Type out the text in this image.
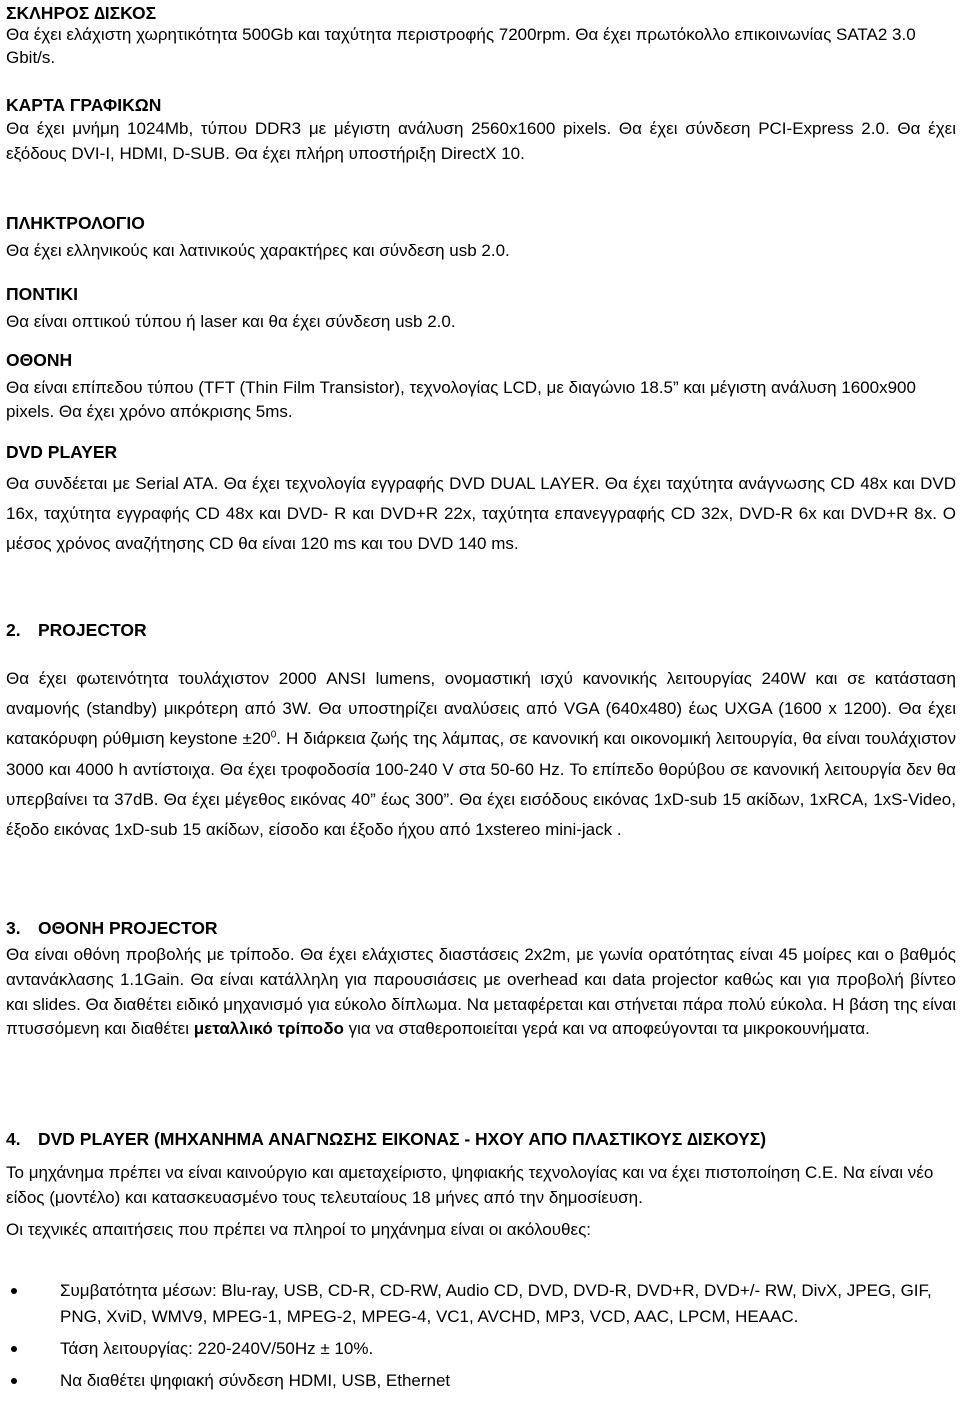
ΣΚΛΗΡΟΣ ∆ΙΣΚΟΣ
Θα έχει ελάχιστη χωρητικότητα 500Gb και ταχύτητα περιστροφής 7200rpm. Θα έχει πρωτόκολλο επικοινωνίας SATA2 3.0 Gbit/s.
ΚΑΡΤΑ ΓΡΑΦΙΚΩΝ
Θα έχει μνήμη 1024Mb, τύπου DDR3 με μέγιστη ανάλυση 2560x1600 pixels. Θα έχει σύνδεση PCI-Express 2.0. Θα έχει εξόδους DVI-I, HDMI, D-SUB. Θα έχει πλήρη υποστήριξη DirectX 10.
ΠΛΗΚΤΡΟΛΟΓΙΟ
Θα έχει ελληνικούς και λατινικούς χαρακτήρες και σύνδεση usb 2.0.
ΠΟΝΤΙΚΙ
Θα είναι οπτικού τύπου ή laser και θα έχει σύνδεση usb 2.0.
ΟΘΟΝΗ
Θα είναι επίπεδου τύπου (TFT (Thin Film Transistor), τεχνολογίας LCD, με διαγώνιο 18.5” και μέγιστη ανάλυση 1600x900 pixels. Θα έχει χρόνο απόκρισης 5ms.
DVD PLAYER
Θα συνδέεται με Serial ATA. Θα έχει τεχνολογία εγγραφής DVD DUAL LAYER. Θα έχει ταχύτητα ανάγνωσης CD 48x και DVD 16x, ταχύτητα εγγραφής CD 48x και DVD- R και DVD+R 22x, ταχύτητα επανεγγραφής CD 32x, DVD-R 6x και DVD+R 8x. Ο μέσος χρόνος αναζήτησης CD θα είναι 120 ms και του DVD 140 ms.
2. PROJECTOR
Θα έχει φωτεινότητα τουλάχιστον 2000 ANSI lumens, ονομαστική ισχύ κανονικής λειτουργίας 240W και σε κατάσταση αναμονής (standby) μικρότερη από 3W. Θα υποστηρίζει αναλύσεις από VGA (640x480) έως UXGA (1600 x 1200). Θα έχει κατακόρυφη ρύθμιση keystone $\pm 20^0$. Η διάρκεια ζωής της λάμπας, σε κανονική και οικονομική λειτουργία, θα είναι τουλάχιστον 3000 και 4000 h αντίστοιχα. Θα έχει τροφοδοσία 100-240 V στα 50-60 Hz. Το επίπεδο θορύβου σε κανονική λειτουργία δεν θα υπερβαίνει τα 37dB. Θα έχει μέγεθος εικόνας 40” έως 300”. Θα έχει εισόδους εικόνας 1xD-sub 15 ακίδων, 1xRCA, 1xS-Video, έξοδο εικόνας 1xD-sub 15 ακίδων, είσοδο και έξοδο ήχου από 1xstereo mini-jack .
3. ΟΘΟΝΗ PROJECTOR
Θα είναι οθόνη προβολής με τρίποδο. Θα έχει ελάχιστες διαστάσεις 2x2m, με γωνία ορατότητας είναι 45 μοίρες και ο βαθμός αντανάκλασης 1.1Gain. Θα είναι κατάλληλη για παρουσιάσεις με overhead και data projector καθώς και για προβολή βίντεο και slides. Θα διαθέτει ειδικό μηχανισμό για εύκολο δίπλωμα. Να μεταφέρεται και στήνεται πάρα πολύ εύκολα. Η βάση της είναι πτυσσόμενη και διαθέτει μεταλλικό τρίποδο για να σταθεροποιείται γερά και να αποφεύγονται τα μικροκουνήματα.
4. DVD PLAYER (ΜΗΧΑΝΗΜΑ ΑΝΑΓΝΩΣΗΣ ΕΙΚΟΝΑΣ - ΗΧΟΥ ΑΠΟ ΠΛΑΣΤΙΚΟΥΣ ∆ΙΣΚΟΥΣ)
Το μηχάνημα πρέπει να είναι καινούργιο και αμεταχείριστο, ψηφιακής τεχνολογίας και να έχει πιστοποίηση C.E. Να είναι νέο είδος (μοντέλο) και κατασκευασμένο τους τελευταίους 18 μήνες από την δημοσίευση.
Οι τεχνικές απαιτήσεις που πρέπει να πληροί το μηχάνημα είναι οι ακόλουθες:
Συμβατότητα μέσων: Blu-ray, USB, CD-R, CD-RW, Audio CD, DVD, DVD-R, DVD+R, DVD+/- RW, DivX, JPEG, GIF, PNG, XviD, WMV9, MPEG-1, MPEG-2, MPEG-4, VC1, AVCHD, MP3, VCD, AAC, LPCM, HEAAC.
Τάση λειτουργίας: 220-240V/50Hz ± 10%.
Να διαθέτει ψηφιακή σύνδεση HDMI, USB, Ethernet
